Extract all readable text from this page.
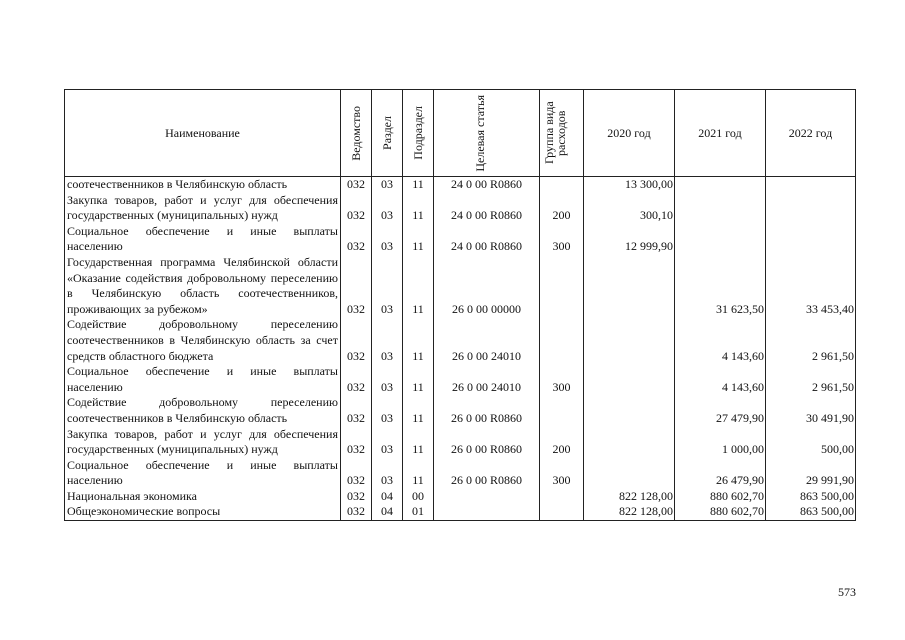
Наименование	Ведомство	Раздел	Подраздел	Целевая статья	Группа вида расходов	2020 год	2021 год	2022 год
соотечественников в Челябинскую область	032	03	11	24 0 00 R0860		13 300,00		
Закупка товаров, работ и услуг для обеспечения государственных (муниципальных) нужд	032	03	11	24 0 00 R0860	200	300,10		
Социальное обеспечение и иные выплаты населению	032	03	11	24 0 00 R0860	300	12 999,90		
Государственная программа Челябинской области «Оказание содействия добровольному переселению в Челябинскую область соотечественников, проживающих за рубежом»	032	03	11	26 0 00 00000			31 623,50	33 453,40
Содействие добровольному переселению соотечественников в Челябинскую область за счет средств областного бюджета	032	03	11	26 0 00 24010			4 143,60	2 961,50
Социальное обеспечение и иные выплаты населению	032	03	11	26 0 00 24010	300		4 143,60	2 961,50
Содействие добровольному переселению соотечественников в Челябинскую область	032	03	11	26 0 00 R0860			27 479,90	30 491,90
Закупка товаров, работ и услуг для обеспечения государственных (муниципальных) нужд	032	03	11	26 0 00 R0860	200		1 000,00	500,00
Социальное обеспечение и иные выплаты населению	032	03	11	26 0 00 R0860	300		26 479,90	29 991,90
Национальная экономика	032	04	00			822 128,00	880 602,70	863 500,00
Общеэкономические вопросы	032	04	01			822 128,00	880 602,70	863 500,00
573
